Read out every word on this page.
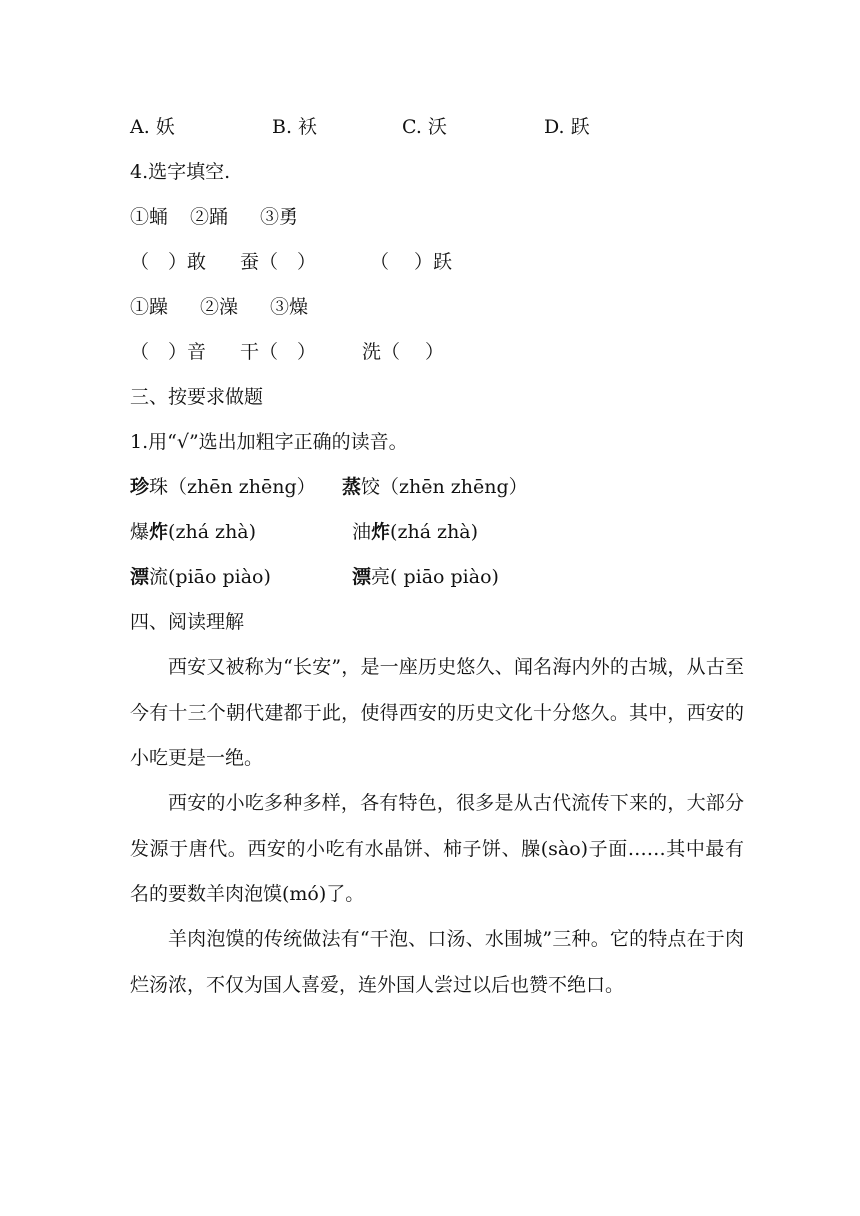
A. 妖	B. 袄	C. 沃	D. 跃
4.选字填空.
①蛹 ②踊 ③勇
（　）敢 蚕（　）	（　 ）跃
①躁 ②澡 ③燥
（　）音 干（　） 洗（　 ）
三、按要求做题
1.用“√”选出加粗字正确的读音。
珍珠（zhēn zhēng） 蒸饺（zhēn zhēng）
爆炸(zhá zhà)	油炸(zhá zhà)
漂流(piāo piào)	漂亮( piāo piào)
四、阅读理解

西安又被称为“长安”，是一座历史悠久、闻名海内外的古城，从古至今有十三个朝代建都于此，使得西安的历史文化十分悠久。其中，西安的小吃更是一绝。

西安的小吃多种多样，各有特色，很多是从古代流传下来的，大部分发源于唐代。西安的小吃有水晶饼、柿子饼、臊(sào)子面……其中最有名的要数羊肉泡馍(mó)了。

羊肉泡馍的传统做法有“干泡、口汤、水围城”三种。它的特点在于肉烂汤浓，不仅为国人喜爱，连外国人尝过以后也赞不绝口。
